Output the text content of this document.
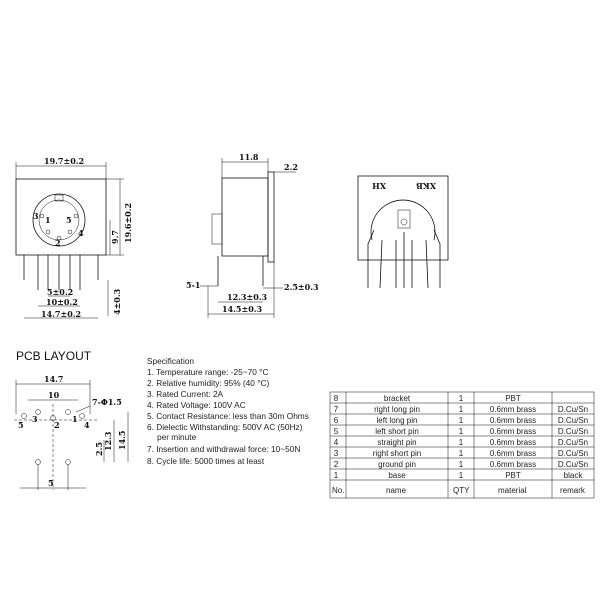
3 1 5
2
4
19.7±0.2
19.6±0.2
9.7
5±0.2
10±0.2
14.7±0.2	4±0.3
11.8
2.2
5-1
12.3±0.3
2.5±0.3
14.5±0.3
XH	XKB
PCB LAYOUT
14.7
10
7-Φ1.5
5	2	4
3	1
2.5 12.3 14.5
5
Specification
1. Temperature range: -25~70 °C
2. Relative humidity: 95% (40 °C)
3. Rated Current: 2A
4. Rated Voltage: 100V AC
5. Contact Resistance: less than 30m Ohms
6. Dielectic Withstanding: 500V AC (50Hz)
per minute
7. Insertion and withdrawal force: 10~50N
8. Cycle life: 5000 times at least
8	bracket	1	PBT
7	right long pin	1	0.6mm brass	D.Cu/Sn
6	left long pin	1	0.6mm brass	D.Cu/Sn
5	left short pin	1	0.6mm brass	D.Cu/Sn
4	straight pin	1	0.6mm brass	D.Cu/Sn
3	right short pin	1	0.6mm brass	D.Cu/Sn
2	ground pin	1	0.6mm brass	D.Cu/Sn
1	base	1	PBT	black
No.	name	QTY	material	remark
